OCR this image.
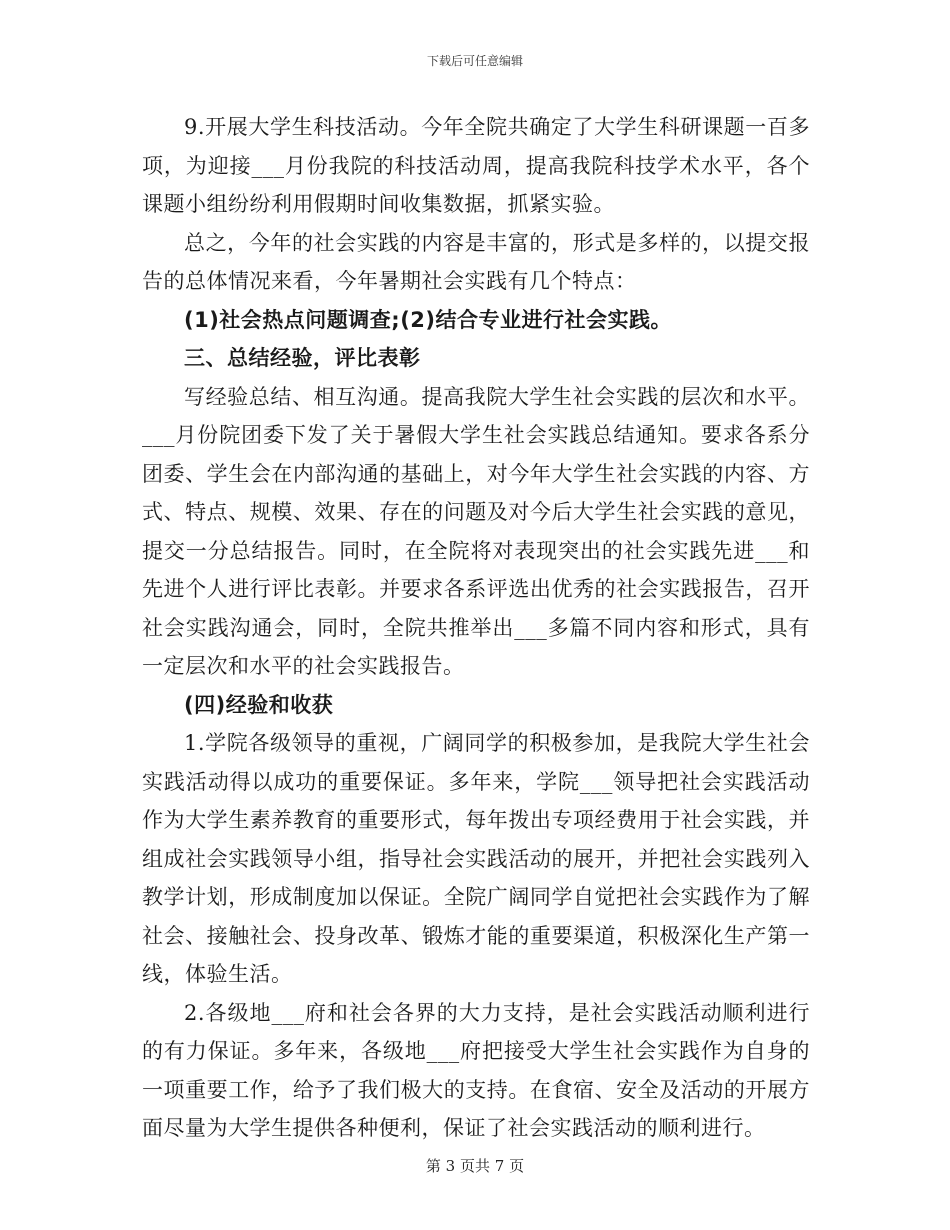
下载后可任意编辑

9.开展大学生科技活动。今年全院共确定了大学生科研课题一百多项，为迎接___月份我院的科技活动周，提高我院科技学术水平，各个课题小组纷纷利用假期时间收集数据，抓紧实验。

总之，今年的社会实践的内容是丰富的，形式是多样的，以提交报告的总体情况来看，今年暑期社会实践有几个特点：

(1)社会热点问题调查;(2)结合专业进行社会实践。

三、总结经验，评比表彰

写经验总结、相互沟通。提高我院大学生社会实践的层次和水平。___月份院团委下发了关于暑假大学生社会实践总结通知。要求各系分团委、学生会在内部沟通的基础上，对今年大学生社会实践的内容、方式、特点、规模、效果、存在的问题及对今后大学生社会实践的意见，提交一分总结报告。同时，在全院将对表现突出的社会实践先进___和先进个人进行评比表彰。并要求各系评选出优秀的社会实践报告，召开社会实践沟通会，同时，全院共推举出___多篇不同内容和形式，具有一定层次和水平的社会实践报告。

(四)经验和收获

1.学院各级领导的重视，广阔同学的积极参加，是我院大学生社会实践活动得以成功的重要保证。多年来，学院___领导把社会实践活动作为大学生素养教育的重要形式，每年拨出专项经费用于社会实践，并组成社会实践领导小组，指导社会实践活动的展开，并把社会实践列入教学计划，形成制度加以保证。全院广阔同学自觉把社会实践作为了解社会、接触社会、投身改革、锻炼才能的重要渠道，积极深化生产第一线，体验生活。

2.各级地___府和社会各界的大力支持，是社会实践活动顺利进行的有力保证。多年来，各级地___府把接受大学生社会实践作为自身的一项重要工作，给予了我们极大的支持。在食宿、安全及活动的开展方面尽量为大学生提供各种便利，保证了社会实践活动的顺利进行。

第 3 页共 7 页
